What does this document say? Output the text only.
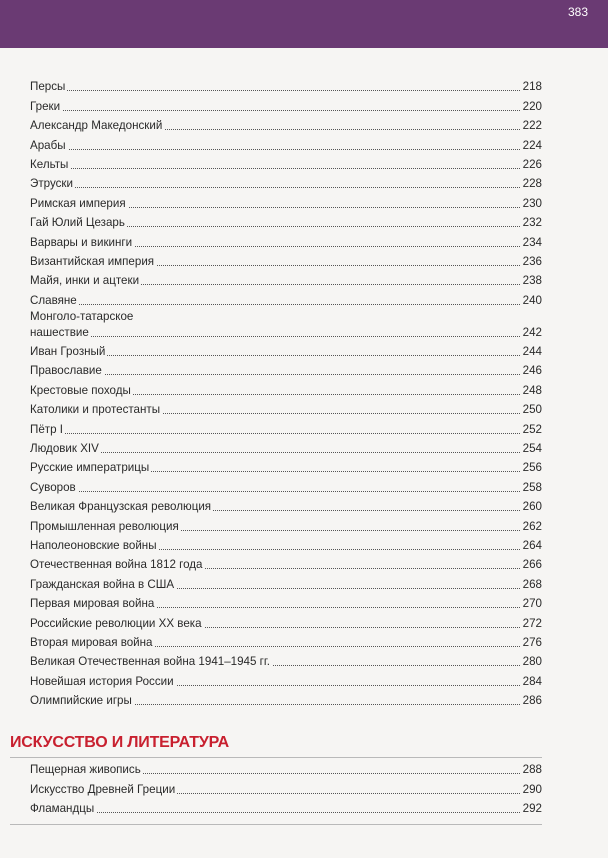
383
Персы	218
Греки	220
Александр Македонский	222
Арабы	224
Кельты	226
Этруски	228
Римская империя	230
Гай Юлий Цезарь	232
Варвары и викинги	234
Византийская империя	236
Майя, инки и ацтеки	238
Славяне	240
Монголо-татарское
нашествие	242
Иван Грозный	244
Православие	246
Крестовые походы	248
Католики и протестанты	250
Пётр I	252
Людовик XIV	254
Русские императрицы	256
Суворов	258
Великая Французская революция	260
Промышленная революция	262
Наполеоновские войны	264
Отечественная война 1812 года	266
Гражданская война в США	268
Первая мировая война	270
Российские революции XX века	272
Вторая мировая война	276
Великая Отечественная война 1941–1945 гг.	280
Новейшая история России	284
Олимпийские игры	286
ИСКУССТВО И ЛИТЕРАТУРА
Пещерная живопись	288
Искусство Древней Греции	290
Фламандцы	292
